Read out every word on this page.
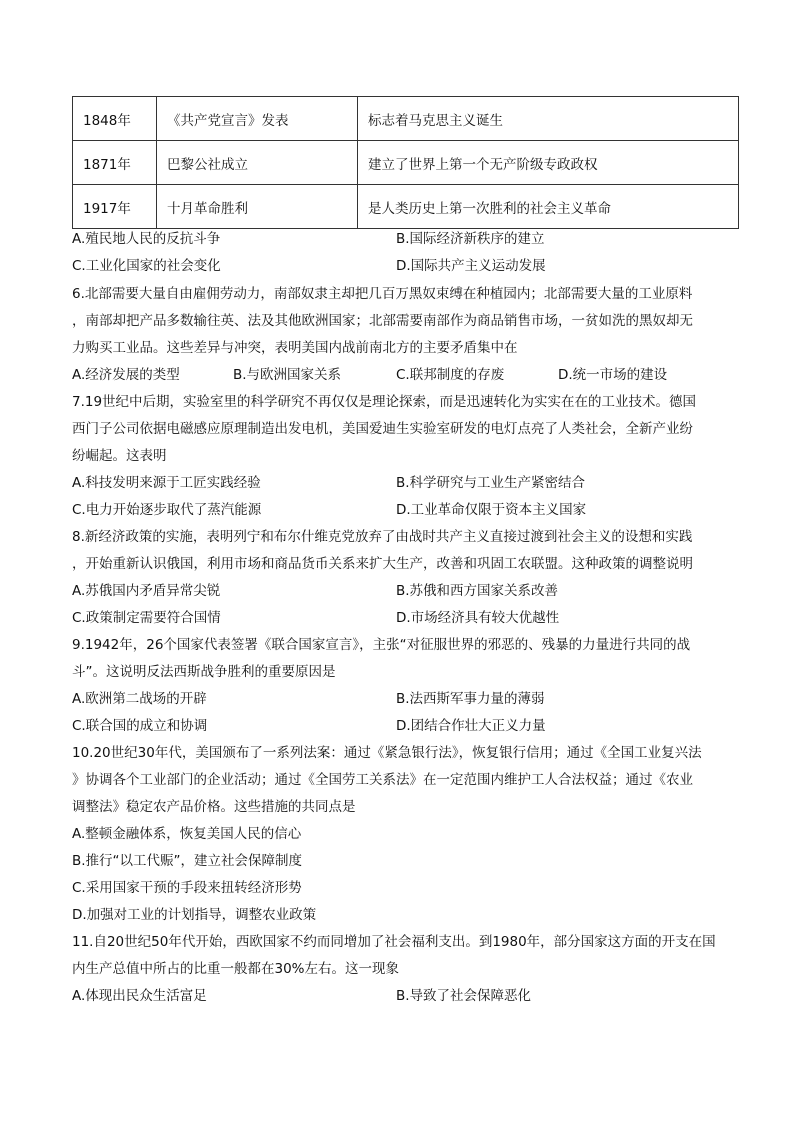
1848年	《共产党宣言》发表	标志着马克思主义诞生
1871年	巴黎公社成立	建立了世界上第一个无产阶级专政政权
1917年	十月革命胜利	是人类历史上第一次胜利的社会主义革命
A.殖民地人民的反抗斗争	B.国际经济新秩序的建立
C.工业化国家的社会变化	D.国际共产主义运动发展
6.北部需要大量自由雇佣劳动力，南部奴隶主却把几百万黑奴束缚在种植园内；北部需要大量的工业原料
，南部却把产品多数输往英、法及其他欧洲国家；北部需要南部作为商品销售市场，一贫如洗的黑奴却无
力购买工业品。这些差异与冲突，表明美国内战前南北方的主要矛盾集中在
A.经济发展的类型	B.与欧洲国家关系	C.联邦制度的存废	D.统一市场的建设
7.19世纪中后期，实验室里的科学研究不再仅仅是理论探索，而是迅速转化为实实在在的工业技术。德国
西门子公司依据电磁感应原理制造出发电机，美国爱迪生实验室研发的电灯点亮了人类社会，全新产业纷
纷崛起。这表明
A.科技发明来源于工匠实践经验	B.科学研究与工业生产紧密结合
C.电力开始逐步取代了蒸汽能源	D.工业革命仅限于资本主义国家
8.新经济政策的实施，表明列宁和布尔什维克党放弃了由战时共产主义直接过渡到社会主义的设想和实践
，开始重新认识俄国，利用市场和商品货币关系来扩大生产，改善和巩固工农联盟。这种政策的调整说明
A.苏俄国内矛盾异常尖锐	B.苏俄和西方国家关系改善
C.政策制定需要符合国情	D.市场经济具有较大优越性
9.1942年，26个国家代表签署《联合国家宣言》，主张“对征服世界的邪恶的、残暴的力量进行共同的战
斗”。这说明反法西斯战争胜利的重要原因是
A.欧洲第二战场的开辟	B.法西斯军事力量的薄弱
C.联合国的成立和协调	D.团结合作壮大正义力量
10.20世纪30年代，美国颁布了一系列法案：通过《紧急银行法》，恢复银行信用；通过《全国工业复兴法
》协调各个工业部门的企业活动；通过《全国劳工关系法》在一定范围内维护工人合法权益；通过《农业
调整法》稳定农产品价格。这些措施的共同点是
A.整顿金融体系，恢复美国人民的信心
B.推行“以工代赈”，建立社会保障制度
C.采用国家干预的手段来扭转经济形势
D.加强对工业的计划指导，调整农业政策
11.自20世纪50年代开始，西欧国家不约而同增加了社会福利支出。到1980年，部分国家这方面的开支在国
内生产总值中所占的比重一般都在30%左右。这一现象
A.体现出民众生活富足	B.导致了社会保障恶化
